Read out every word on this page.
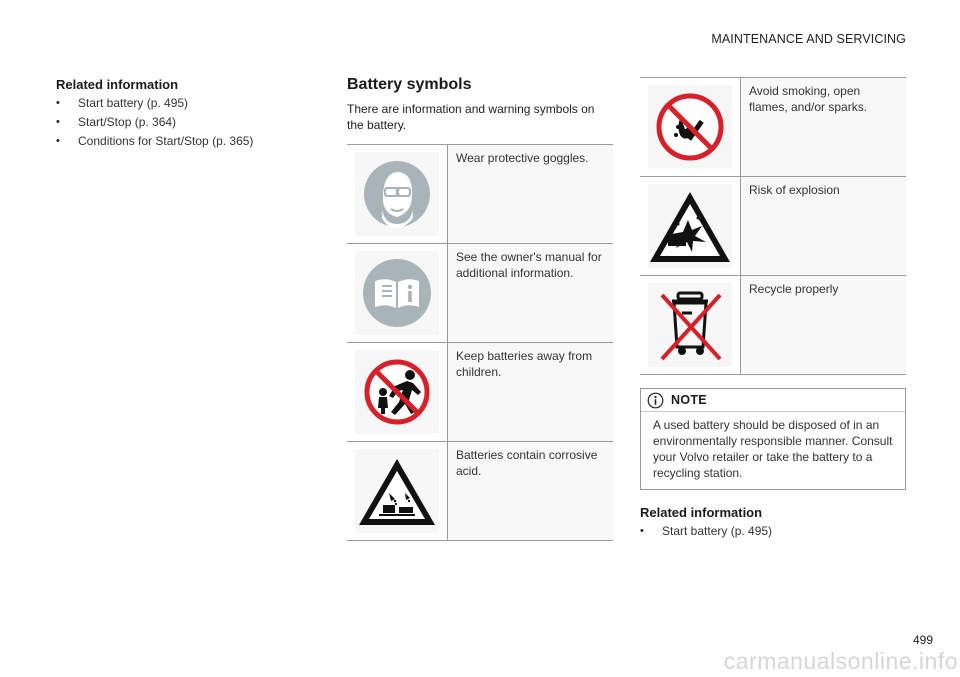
MAINTENANCE AND SERVICING
Related information
• Start battery (p. 495)
• Start/Stop (p. 364)
• Conditions for Start/Stop (p. 365)
Battery symbols

There are information and warning symbols on the battery.

Wear protective goggles.
See the owner's manual for additional information.
Keep batteries away from children.
Batteries contain corrosive acid.
Avoid smoking, open flames, and/or sparks.
Risk of explosion
Recycle properly
NOTE
A used battery should be disposed of in an environmentally responsible manner. Consult your Volvo retailer or take the battery to a recycling station.
Related information
• Start battery (p. 495)
499
carmanualsonline.info
